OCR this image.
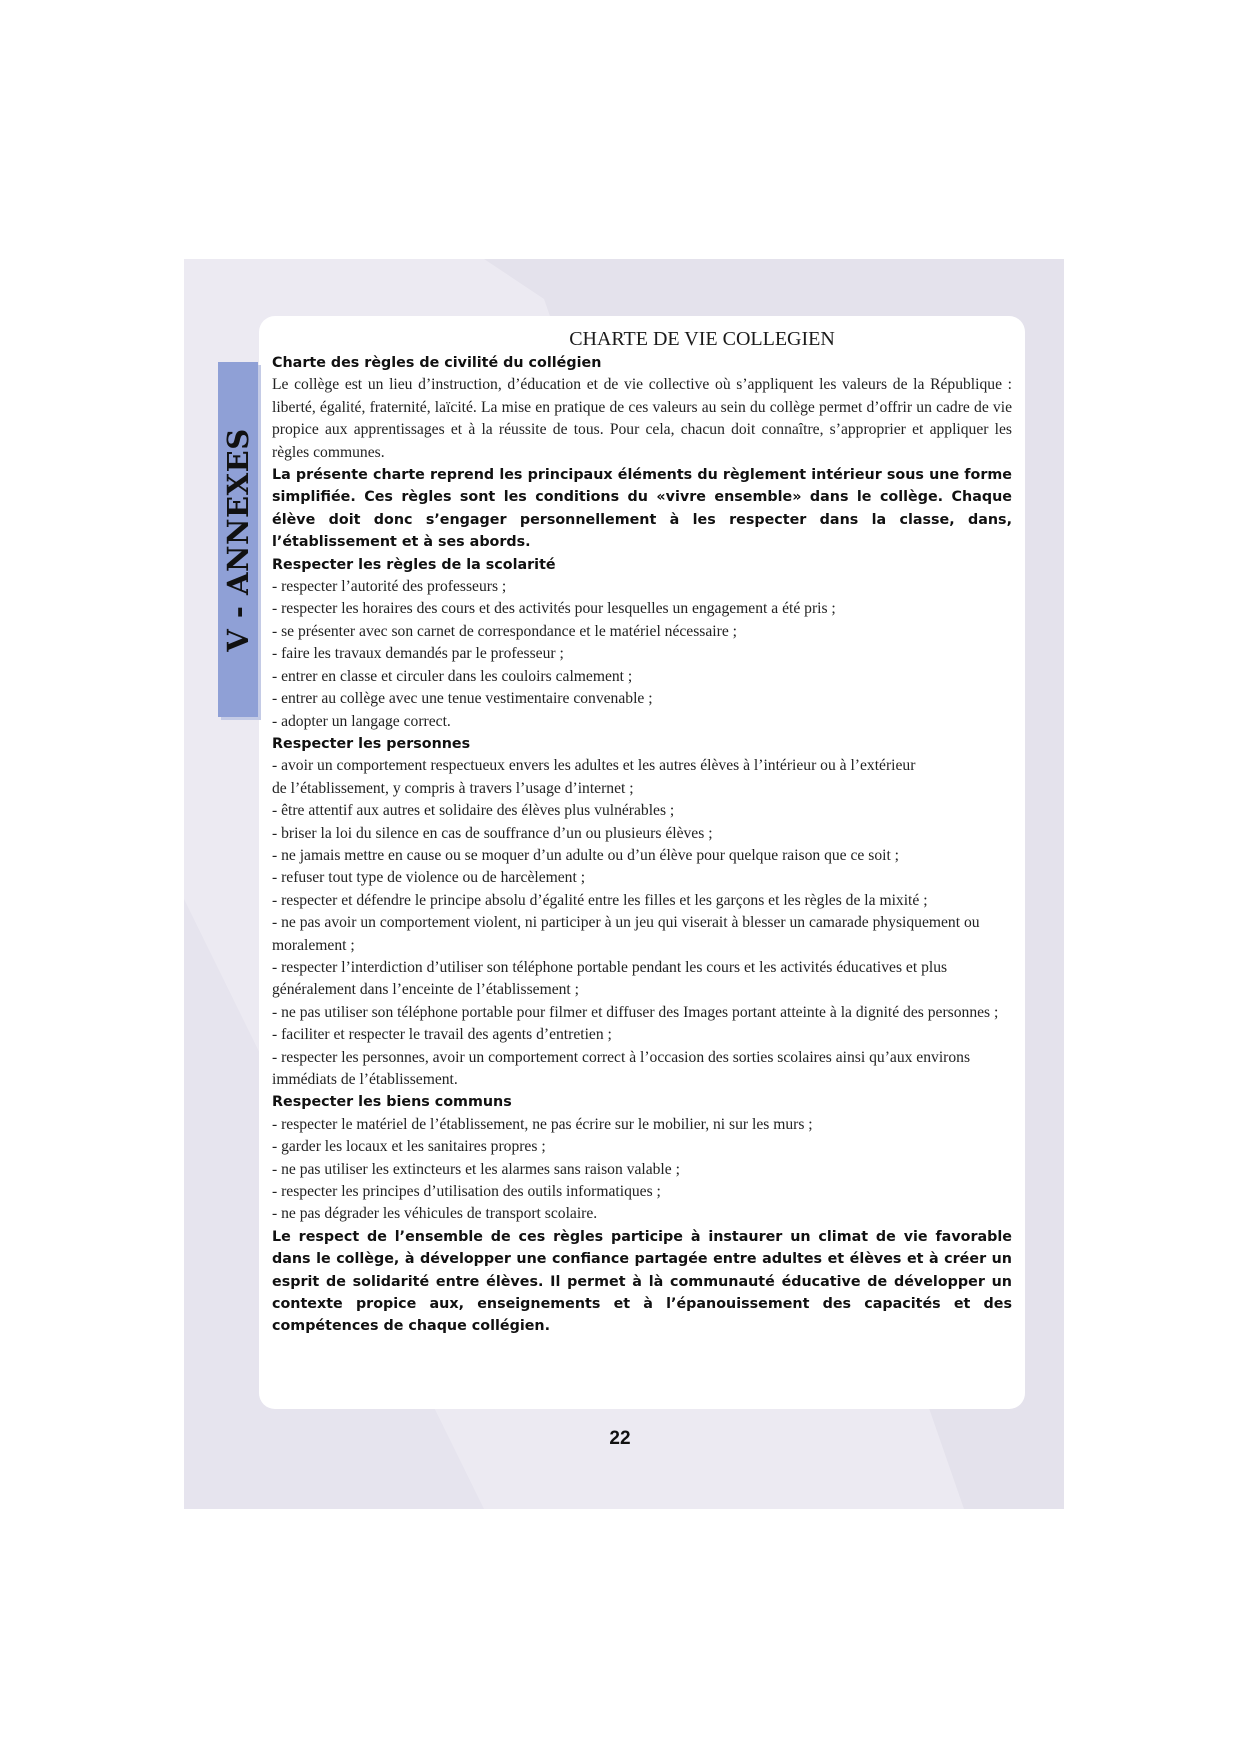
V - ANNEXES
CHARTE DE VIE COLLEGIEN
Charte des règles de civilité du collégien
Le collège est un lieu d’instruction, d’éducation et de vie collective où s’appliquent les valeurs de la République : liberté, égalité, fraternité, laïcité. La mise en pratique de ces valeurs au sein du collège permet d’offrir un cadre de vie propice aux apprentissages et à la réussite de tous. Pour cela, chacun doit connaître, s’approprier et appliquer les règles communes.
La présente charte reprend les principaux éléments du règlement intérieur sous une forme simplifiée. Ces règles sont les conditions du «vivre ensemble» dans le collège. Chaque élève doit donc s’engager personnellement à les respecter dans la classe, dans, l’établissement et à ses abords.
Respecter les règles de la scolarité
- respecter l’autorité des professeurs ;
- respecter les horaires des cours et des activités pour lesquelles un engagement a été pris ;
- se présenter avec son carnet de correspondance et le matériel nécessaire ;
- faire les travaux demandés par le professeur ;
- entrer en classe et circuler dans les couloirs calmement ;
- entrer au collège avec une tenue vestimentaire convenable ;
- adopter un langage correct.
Respecter les personnes
- avoir un comportement respectueux envers les adultes et les autres élèves à l’intérieur ou à l’extérieur
de l’établissement, y compris à travers l’usage d’internet ;
- être attentif aux autres et solidaire des élèves plus vulnérables ;
- briser la loi du silence en cas de souffrance d’un ou plusieurs élèves ;
- ne jamais mettre en cause ou se moquer d’un adulte ou d’un élève pour quelque raison que ce soit ;
- refuser tout type de violence ou de harcèlement ;
- respecter et défendre le principe absolu d’égalité entre les filles et les garçons et les règles de la mixité ;
- ne pas avoir un comportement violent, ni participer à un jeu qui viserait à blesser un camarade physiquement ou moralement ;
- respecter l’interdiction d’utiliser son téléphone portable pendant les cours et les activités éducatives et plus généralement dans l’enceinte de l’établissement ;
- ne pas utiliser son téléphone portable pour filmer et diffuser des Images portant atteinte à la dignité des personnes ;
- faciliter et respecter le travail des agents d’entretien ;
- respecter les personnes, avoir un comportement correct à l’occasion des sorties scolaires ainsi qu’aux environs immédiats de l’établissement.
Respecter les biens communs
- respecter le matériel de l’établissement, ne pas écrire sur le mobilier, ni sur les murs ;
- garder les locaux et les sanitaires propres ;
- ne pas utiliser les extincteurs et les alarmes sans raison valable ;
- respecter les principes d’utilisation des outils informatiques ;
- ne pas dégrader les véhicules de transport scolaire.
Le respect de l’ensemble de ces règles participe à instaurer un climat de vie favorable dans le collège, à développer une confiance partagée entre adultes et élèves et à créer un esprit de solidarité entre élèves. Il permet à là communauté éducative de développer un contexte propice aux, enseignements et à l’épanouissement des capacités et des compétences de chaque collégien.
22
